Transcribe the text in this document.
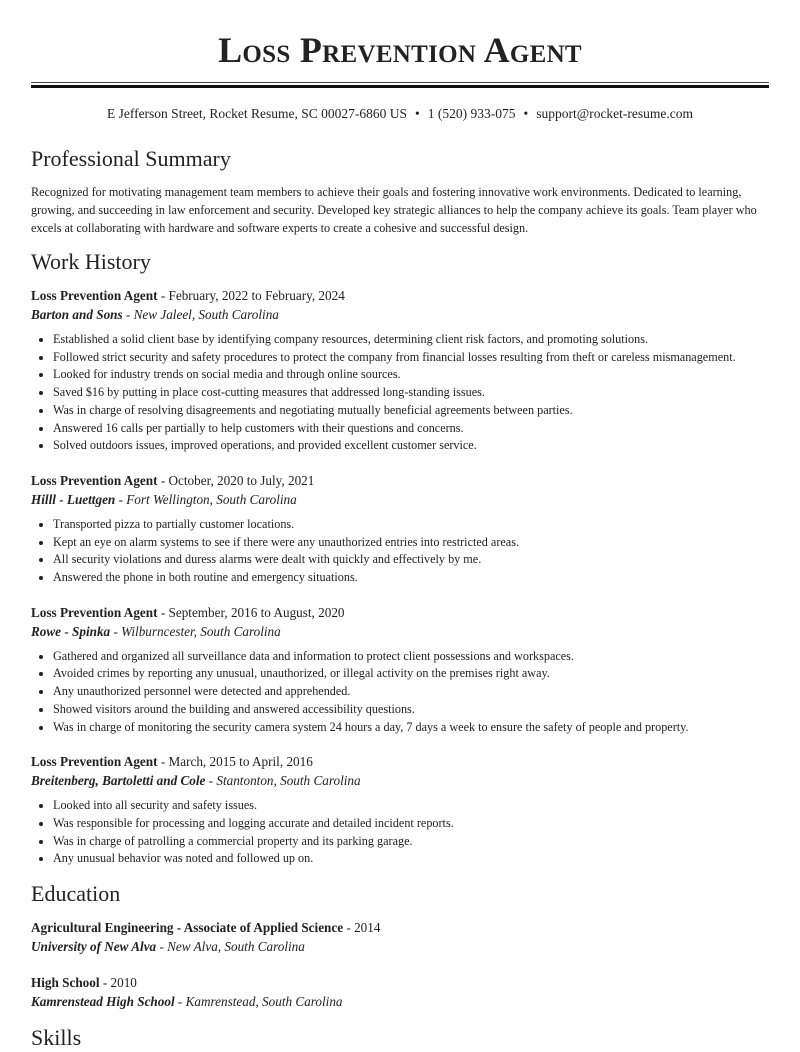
Loss Prevention Agent
E Jefferson Street, Rocket Resume, SC 00027-6860 US • 1 (520) 933-075 • support@rocket-resume.com
Professional Summary

Recognized for motivating management team members to achieve their goals and fostering innovative work environments. Dedicated to learning, growing, and succeeding in law enforcement and security. Developed key strategic alliances to help the company achieve its goals. Team player who excels at collaborating with hardware and software experts to create a cohesive and successful design.

Work History
Loss Prevention Agent - February, 2022 to February, 2024
Barton and Sons - New Jaleel, South Carolina
• Established a solid client base by identifying company resources, determining client risk factors, and promoting solutions.
• Followed strict security and safety procedures to protect the company from financial losses resulting from theft or careless mismanagement.
• Looked for industry trends on social media and through online sources.
• Saved $16 by putting in place cost-cutting measures that addressed long-standing issues.
• Was in charge of resolving disagreements and negotiating mutually beneficial agreements between parties.
• Answered 16 calls per partially to help customers with their questions and concerns.
• Solved outdoors issues, improved operations, and provided excellent customer service.
Loss Prevention Agent - October, 2020 to July, 2021
Hilll - Luettgen - Fort Wellington, South Carolina
• Transported pizza to partially customer locations.
• Kept an eye on alarm systems to see if there were any unauthorized entries into restricted areas.
• All security violations and duress alarms were dealt with quickly and effectively by me.
• Answered the phone in both routine and emergency situations.
Loss Prevention Agent - September, 2016 to August, 2020
Rowe - Spinka - Wilburncester, South Carolina
• Gathered and organized all surveillance data and information to protect client possessions and workspaces.
• Avoided crimes by reporting any unusual, unauthorized, or illegal activity on the premises right away.
• Any unauthorized personnel were detected and apprehended.
• Showed visitors around the building and answered accessibility questions.
• Was in charge of monitoring the security camera system 24 hours a day, 7 days a week to ensure the safety of people and property.
Loss Prevention Agent - March, 2015 to April, 2016
Breitenberg, Bartoletti and Cole - Stantonton, South Carolina
• Looked into all security and safety issues.
• Was responsible for processing and logging accurate and detailed incident reports.
• Was in charge of patrolling a commercial property and its parking garage.
• Any unusual behavior was noted and followed up on.
Education
Agricultural Engineering - Associate of Applied Science - 2014
University of New Alva - New Alva, South Carolina
High School - 2010
Kamrenstead High School - Kamrenstead, South Carolina
Skills
